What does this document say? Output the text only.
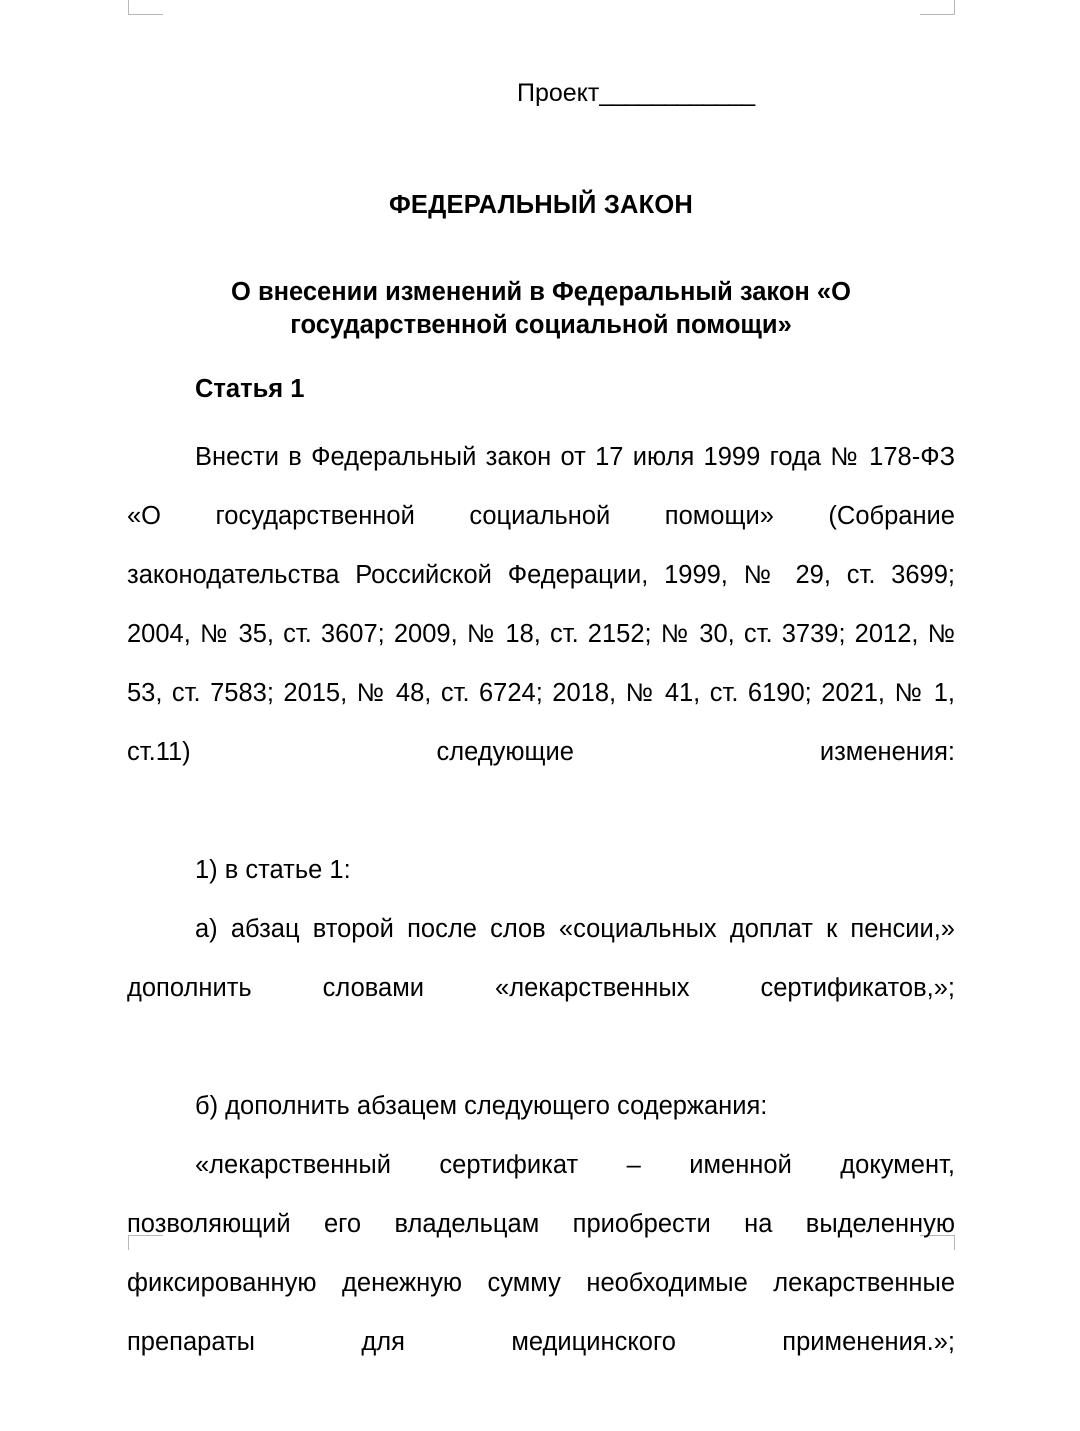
Проект____________

ФЕДЕРАЛЬНЫЙ ЗАКОН
О внесении изменений в Федеральный закон «О государственной социальной помощи»
Статья 1

Внести в Федеральный закон от 17 июля 1999 года № 178-ФЗ «О государственной социальной помощи» (Собрание законодательства Российской Федерации, 1999, № 29, ст. 3699; 2004, № 35, ст. 3607; 2009, № 18, ст. 2152; № 30, ст. 3739; 2012, № 53, ст. 7583; 2015, № 48, ст. 6724; 2018, № 41, ст. 6190; 2021, № 1, ст.11) следующие изменения:

1) в статье 1:

а) абзац второй после слов «социальных доплат к пенсии,» дополнить словами «лекарственных сертификатов,»;

б) дополнить абзацем следующего содержания:

«лекарственный сертификат – именной документ, позволяющий его владельцам приобрести на выделенную фиксированную денежную сумму необходимые лекарственные препараты для медицинского применения.»;
